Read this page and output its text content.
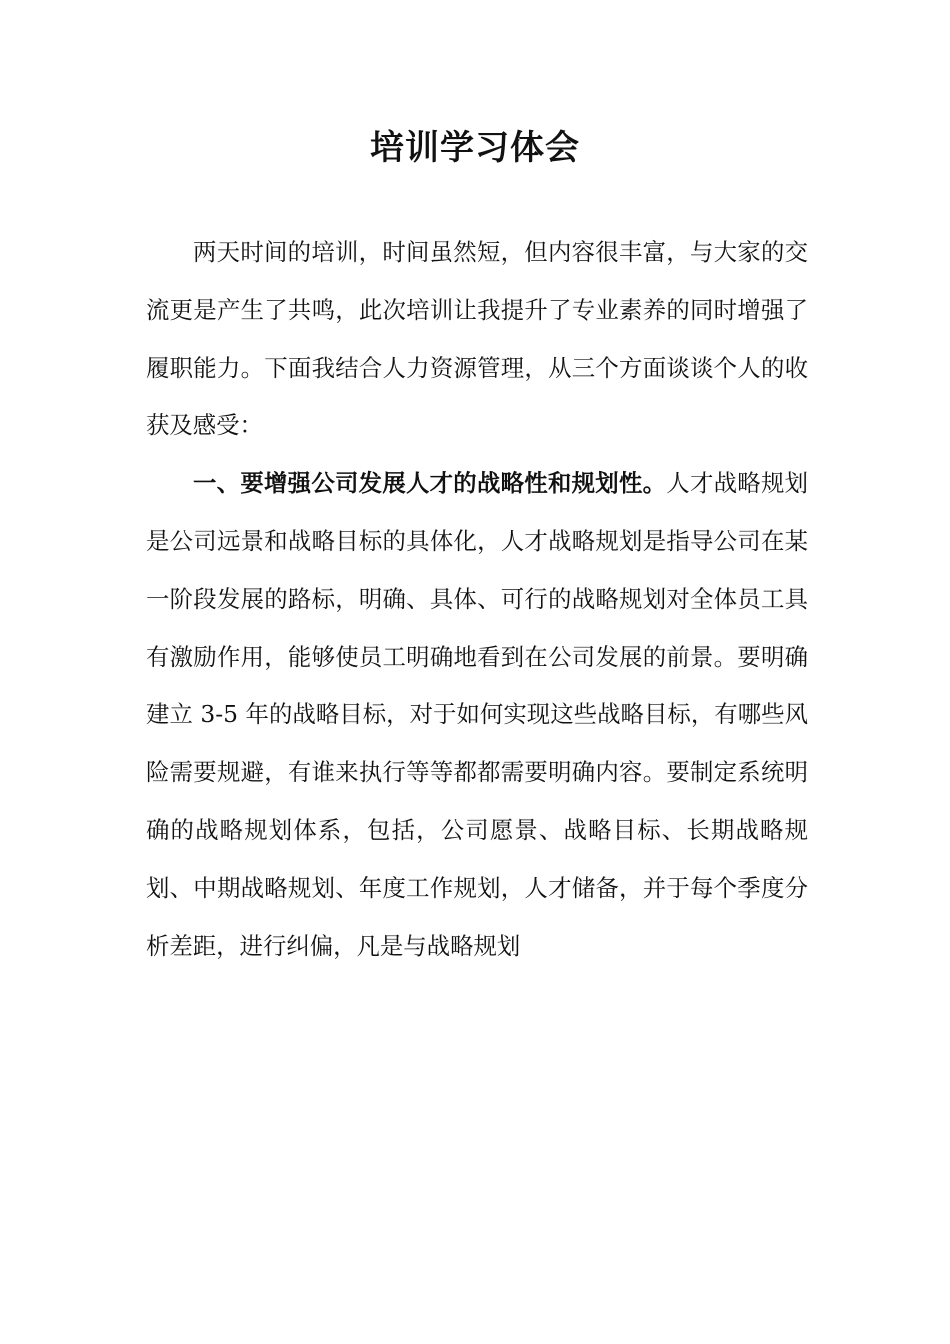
培训学习体会

两天时间的培训，时间虽然短，但内容很丰富，与大家的交流更是产生了共鸣，此次培训让我提升了专业素养的同时增强了履职能力。下面我结合人力资源管理，从三个方面谈谈个人的收获及感受：

一、要增强公司发展人才的战略性和规划性。人才战略规划是公司远景和战略目标的具体化，人才战略规划是指导公司在某一阶段发展的路标，明确、具体、可行的战略规划对全体员工具有激励作用，能够使员工明确地看到在公司发展的前景。要明确建立 3-5 年的战略目标，对于如何实现这些战略目标，有哪些风险需要规避，有谁来执行等等都都需要明确内容。要制定系统明确的战略规划体系，包括，公司愿景、战略目标、长期战略规划、中期战略规划、年度工作规划，人才储备，并于每个季度分析差距，进行纠偏，凡是与战略规划
